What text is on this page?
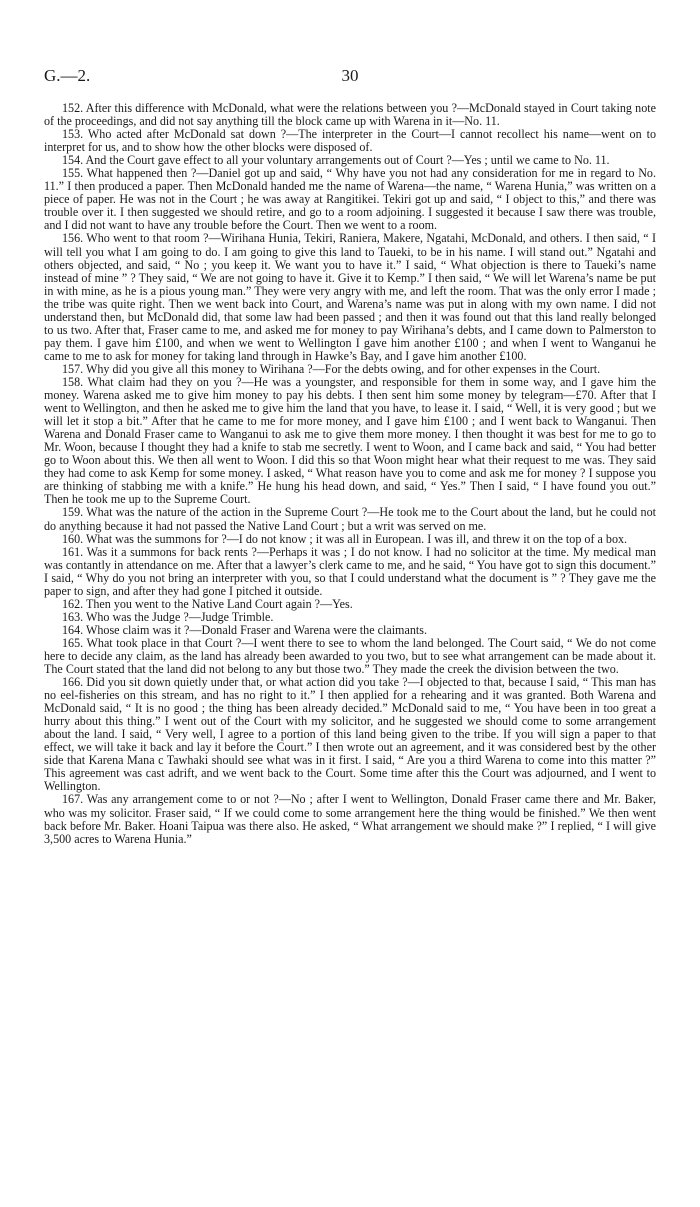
G.—2.	30

152. After this difference with McDonald, what were the relations between you ?—McDonald stayed in Court taking note of the proceedings, and did not say anything till the block came up with Warena in it—No. 11.

153. Who acted after McDonald sat down ?—The interpreter in the Court—I cannot recollect his name—went on to interpret for us, and to show how the other blocks were disposed of.

154. And the Court gave effect to all your voluntary arrangements out of Court ?—Yes ; until we came to No. 11.

155. What happened then ?—Daniel got up and said, “ Why have you not had any consideration for me in regard to No. 11.” I then produced a paper. Then McDonald handed me the name of Warena—the name, “ Warena Hunia,” was written on a piece of paper. He was not in the Court ; he was away at Rangitikei. Tekiri got up and said, “ I object to this,” and there was trouble over it. I then suggested we should retire, and go to a room adjoining. I suggested it because I saw there was trouble, and I did not want to have any trouble before the Court. Then we went to a room.

156. Who went to that room ?—Wirihana Hunia, Tekiri, Raniera, Makere, Ngatahi, McDonald, and others. I then said, “ I will tell you what I am going to do. I am going to give this land to Taueki, to be in his name. I will stand out.” Ngatahi and others objected, and said, “ No ; you keep it. We want you to have it.” I said, “ What objection is there to Taueki’s name instead of mine ” ? They said, “ We are not going to have it. Give it to Kemp.” I then said, “ We will let Warena’s name be put in with mine, as he is a pious young man.” They were very angry with me, and left the room. That was the only error I made ; the tribe was quite right. Then we went back into Court, and Warena’s name was put in along with my own name. I did not understand then, but McDonald did, that some law had been passed ; and then it was found out that this land really belonged to us two. After that, Fraser came to me, and asked me for money to pay Wirihana’s debts, and I came down to Palmerston to pay them. I gave him £100, and when we went to Wellington I gave him another £100 ; and when I went to Wanganui he came to me to ask for money for taking land through in Hawke’s Bay, and I gave him another £100.

157. Why did you give all this money to Wirihana ?—For the debts owing, and for other expenses in the Court.

158. What claim had they on you ?—He was a youngster, and responsible for them in some way, and I gave him the money. Warena asked me to give him money to pay his debts. I then sent him some money by telegram—£70. After that I went to Wellington, and then he asked me to give him the land that you have, to lease it. I said, “ Well, it is very good ; but we will let it stop a bit.” After that he came to me for more money, and I gave him £100 ; and I went back to Wanganui. Then Warena and Donald Fraser came to Wanganui to ask me to give them more money. I then thought it was best for me to go to Mr. Woon, because I thought they had a knife to stab me secretly. I went to Woon, and I came back and said, “ You had better go to Woon about this. We then all went to Woon. I did this so that Woon might hear what their request to me was. They said they had come to ask Kemp for some money. I asked, “ What reason have you to come and ask me for money ? I suppose you are thinking of stabbing me with a knife.” He hung his head down, and said, “ Yes.” Then I said, “ I have found you out.” Then he took me up to the Supreme Court.

159. What was the nature of the action in the Supreme Court ?—He took me to the Court about the land, but he could not do anything because it had not passed the Native Land Court ; but a writ was served on me.

160. What was the summons for ?—I do not know ; it was all in European. I was ill, and threw it on the top of a box.

161. Was it a summons for back rents ?—Perhaps it was ; I do not know. I had no solicitor at the time. My medical man was contantly in attendance on me. After that a lawyer’s clerk came to me, and he said, “ You have got to sign this document.” I said, “ Why do you not bring an interpreter with you, so that I could understand what the document is ” ? They gave me the paper to sign, and after they had gone I pitched it outside.

162. Then you went to the Native Land Court again ?—Yes.

163. Who was the Judge ?—Judge Trimble.

164. Whose claim was it ?—Donald Fraser and Warena were the claimants.

165. What took place in that Court ?—I went there to see to whom the land belonged. The Court said, “ We do not come here to decide any claim, as the land has already been awarded to you two, but to see what arrangement can be made about it. The Court stated that the land did not belong to any but those two.” They made the creek the division between the two.

166. Did you sit down quietly under that, or what action did you take ?—I objected to that, because I said, “ This man has no eel-fisheries on this stream, and has no right to it.” I then applied for a rehearing and it was granted. Both Warena and McDonald said, “ It is no good ; the thing has been already decided.” McDonald said to me, “ You have been in too great a hurry about this thing.” I went out of the Court with my solicitor, and he suggested we should come to some arrangement about the land. I said, “ Very well, I agree to a portion of this land being given to the tribe. If you will sign a paper to that effect, we will take it back and lay it before the Court.” I then wrote out an agreement, and it was considered best by the other side that Karena Mana c Tawhaki should see what was in it first. I said, “ Are you a third Warena to come into this matter ?” This agreement was cast adrift, and we went back to the Court. Some time after this the Court was adjourned, and I went to Wellington.

167. Was any arrangement come to or not ?—No ; after I went to Wellington, Donald Fraser came there and Mr. Baker, who was my solicitor. Fraser said, “ If we could come to some arrangement here the thing would be finished.” We then went back before Mr. Baker. Hoani Taipua was there also. He asked, “ What arrangement we should make ?” I replied, “ I will give 3,500 acres to Warena Hunia.”
